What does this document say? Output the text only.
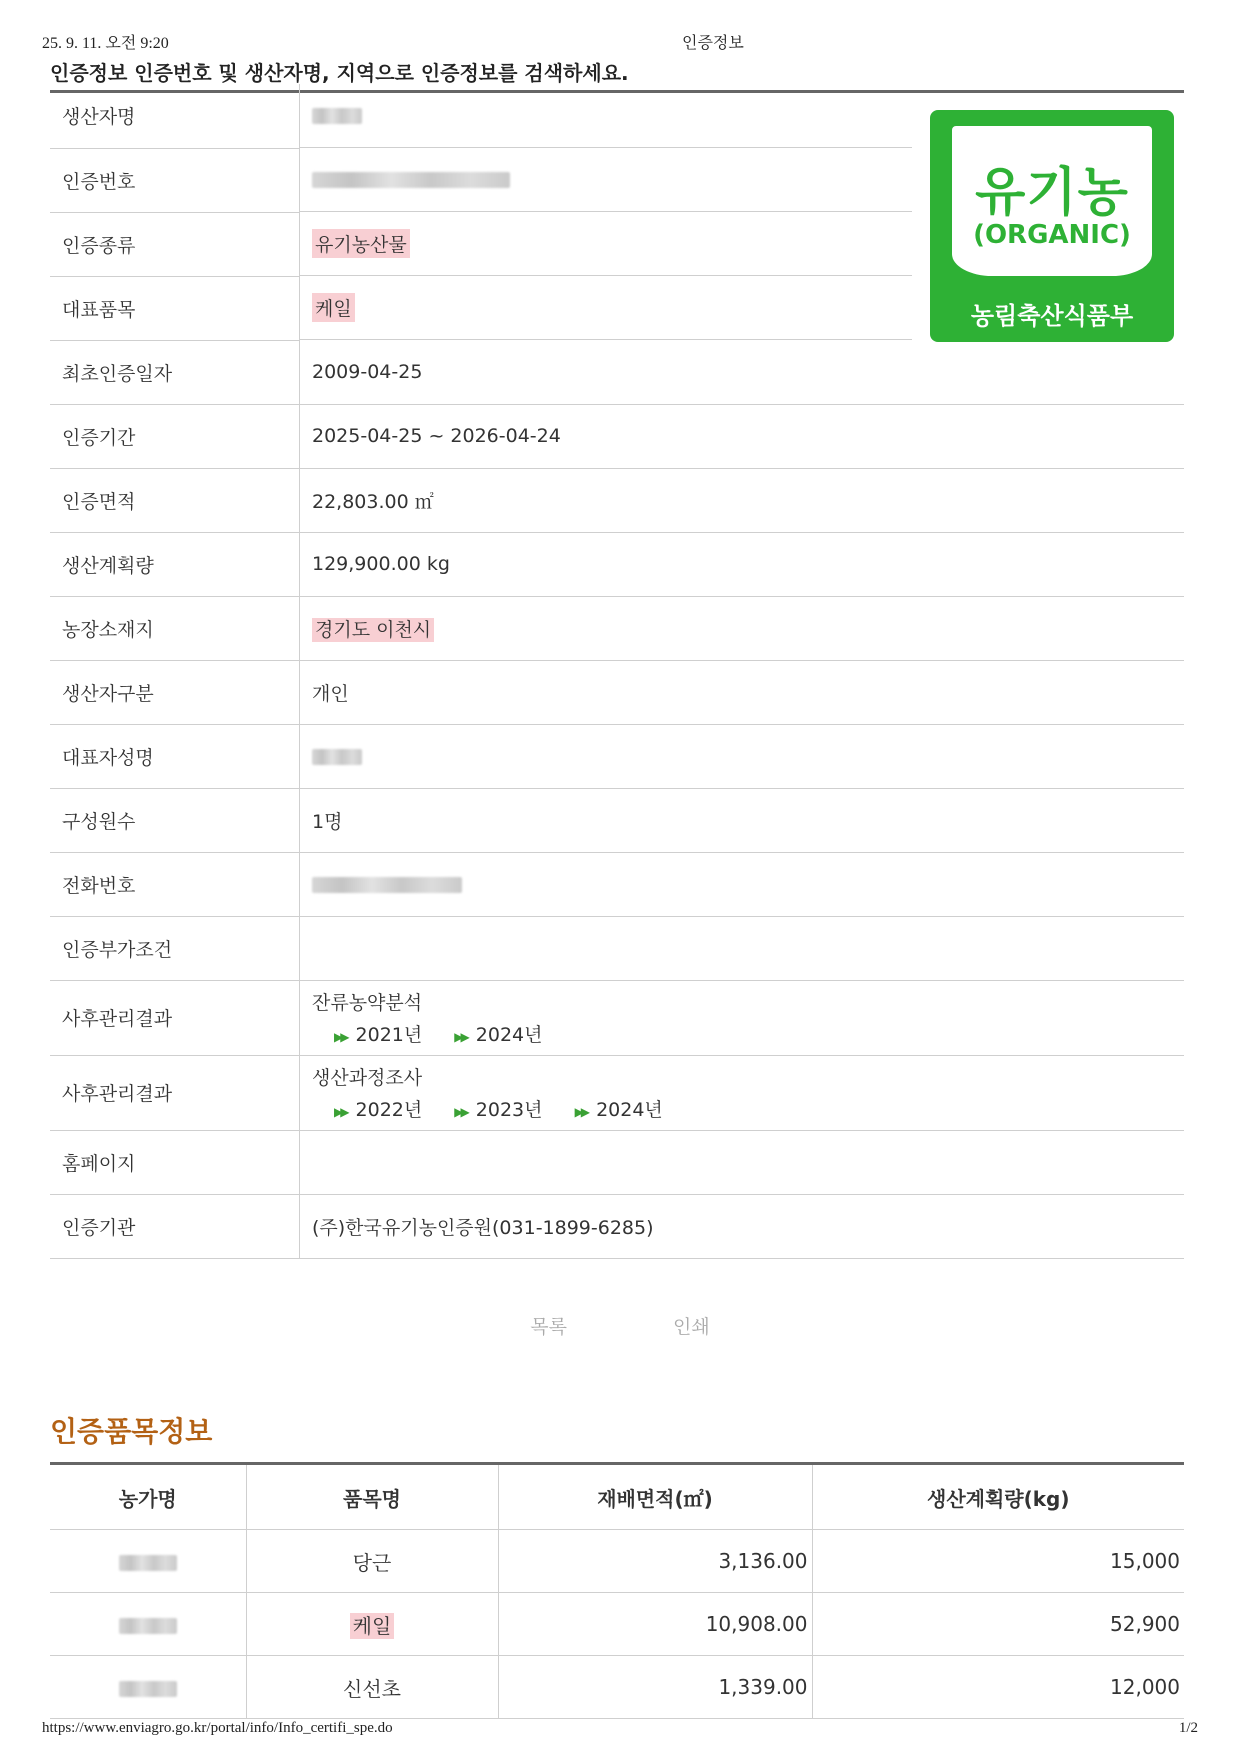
25. 9. 11. 오전 9:20	인증정보
인증정보 인증번호 및 생산자명, 지역으로 인증정보를 검색하세요.
생산자명	

인증번호	

인증종류	유기농산물

대표품목	케일

최초인증일자	2009-04-25
인증기간	2025-04-25 ~ 2026-04-24
인증면적	22,803.00 ㎡
생산계획량	129,900.00 kg
농장소재지	경기도 이천시
생산자구분	개인
대표자성명	
구성원수	1명
전화번호	
인증부가조건	
사후관리결과	잔류농약분석
▶▶ 2021년 ▶▶ 2024년

사후관리결과	생산과정조사
▶▶ 2022년 ▶▶ 2023년 ▶▶ 2024년

홈페이지	
인증기관	(주)한국유기농인증원(031-1899-6285)
유기농
(ORGANIC)
농림축산식품부
목록	인쇄
인증품목정보
농가명	품목명	재배면적(㎡)	생산계획량(kg)
	당근	3,136.00	15,000
	케일	10,908.00	52,900
	신선초	1,339.00	12,000
https://www.enviagro.go.kr/portal/info/Info_certifi_spe.do	1/2
